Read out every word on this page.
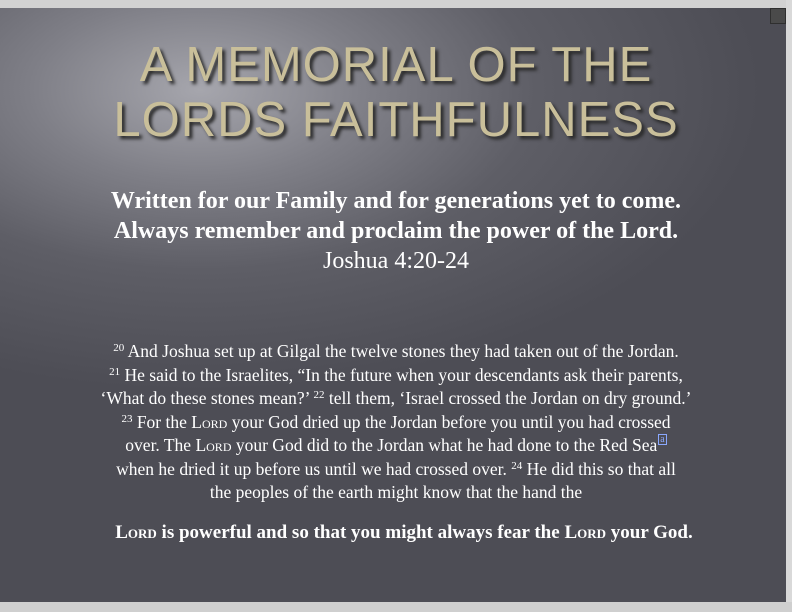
A MEMORIAL OF THE
LORDS FAITHFULNESS
Written for our Family and for generations yet to come.
Always remember and proclaim the power of the Lord.
Joshua 4:20-24
$^{20}$ And Joshua set up at Gilgal the twelve stones they had taken out of the Jordan.
$^{21}$ He said to the Israelites, “In the future when your descendants ask their parents,
‘What do these stones mean?’ $^{22}$ tell them, ‘Israel crossed the Jordan on dry ground.’
$^{23}$ For the Lord your God dried up the Jordan before you until you had crossed
over. The Lord your God did to the Jordan what he had done to the Red Sea a
when he dried it up before us until we had crossed over. $^{24}$ He did this so that all
the peoples of the earth might know that the hand the
Lord is powerful and so that you might always fear the Lord your God.
